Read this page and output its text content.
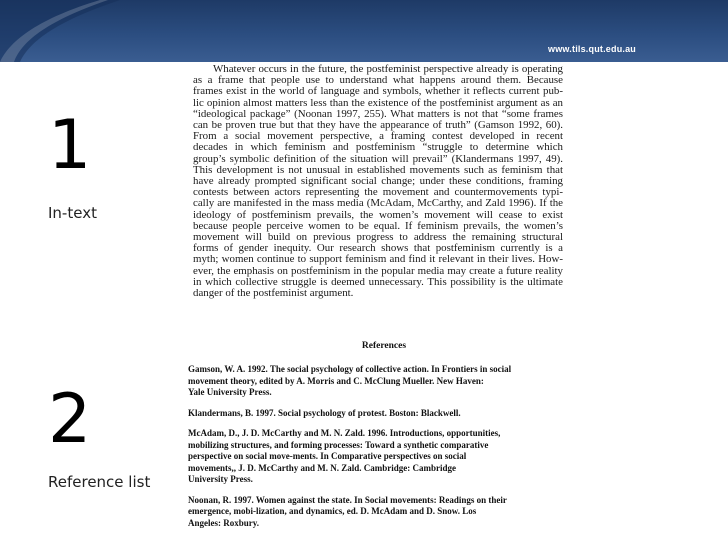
www.tils.qut.edu.au
1
In-text
2
Reference list
Whatever occurs in the future, the postfeminist perspective already is operating
as a frame that people use to understand what happens around them. Because
frames exist in the world of language and symbols, whether it reflects current pub-
lic opinion almost matters less than the existence of the postfeminist argument as an
“ideological package” (Noonan 1997, 255). What matters is not that “some frames
can be proven true but that they have the appearance of truth” (Gamson 1992, 60).
From a social movement perspective, a framing contest developed in recent
decades in which feminism and postfeminism “struggle to determine which
group’s symbolic definition of the situation will prevail” (Klandermans 1997, 49).
This development is not unusual in established movements such as feminism that
have already prompted significant social change; under these conditions, framing
contests between actors representing the movement and countermovements typi-
cally are manifested in the mass media (McAdam, McCarthy, and Zald 1996). If the
ideology of postfeminism prevails, the women’s movement will cease to exist
because people perceive women to be equal. If feminism prevails, the women’s
movement will build on previous progress to address the remaining structural
forms of gender inequity. Our research shows that postfeminism currently is a
myth; women continue to support feminism and find it relevant in their lives. How-
ever, the emphasis on postfeminism in the popular media may create a future reality
in which collective struggle is deemed unnecessary. This possibility is the ultimate
danger of the postfeminist argument.
References
Gamson, W. A. 1992. The social psychology of collective action. In Frontiers in social
movement theory, edited by A. Morris and C. McClung Mueller. New Haven:
Yale University Press.
Klandermans, B. 1997. Social psychology of protest. Boston: Blackwell.
McAdam, D., J. D. McCarthy and M. N. Zald. 1996. Introductions, opportunities,
mobilizing structures, and forming processes: Toward a synthetic comparative
perspective on social move-ments. In Comparative perspectives on social
movements,, J. D. McCarthy and M. N. Zald. Cambridge: Cambridge
University Press.
Noonan, R. 1997. Women against the state. In Social movements: Readings on their
emergence, mobi-lization, and dynamics, ed. D. McAdam and D. Snow. Los
Angeles: Roxbury.
